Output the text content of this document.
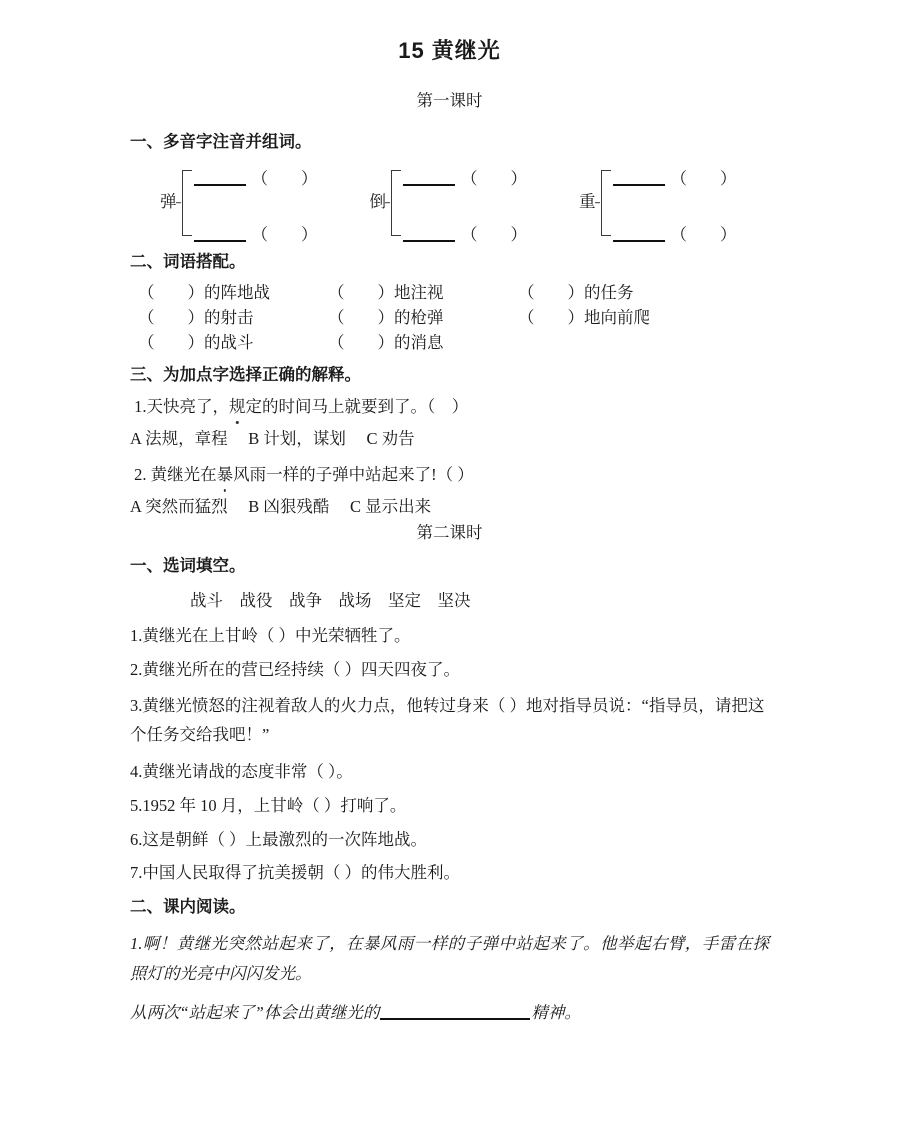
15 黄继光
第一课时
一、多音字注音并组词。
弹
（        ）
（        ）
倒
（        ）
（        ）
重
（        ）
（        ）
二、词语搭配。
（        ）的阵地战	（        ）地注视	（        ）的任务
（        ）的射击	（        ）的枪弹	（        ）地向前爬
（        ）的战斗	（        ）的消息
三、为加点字选择正确的解释。
1.天快亮了，规定的时间马上就要到了。（    ）
A 法规，章程　 B 计划，谋划　 C 劝告
2. 黄继光在暴风雨一样的子弹中站起来了!（ ）
A 突然而猛烈　 B 凶狠残酷　 C 显示出来
第二课时
一、选词填空。
战斗    战役    战争    战场    坚定    坚决
1.黄继光在上甘岭（ ）中光荣牺牲了。
2.黄继光所在的营已经持续（ ）四天四夜了。
3.黄继光愤怒的注视着敌人的火力点，他转过身来（ ）地对指导员说：“指导员，请把这个任务交给我吧！”
4.黄继光请战的态度非常（ ）。
5.1952 年 10 月，上甘岭（ ）打响了。
6.这是朝鲜（ ）上最激烈的一次阵地战。
7.中国人民取得了抗美援朝（ ）的伟大胜利。
二、课内阅读。
1.啊！黄继光突然站起来了，在暴风雨一样的子弹中站起来了。他举起右臂，手雷在探照灯的光亮中闪闪发光。
从两次“站起来了”体会出黄继光的	精神。
